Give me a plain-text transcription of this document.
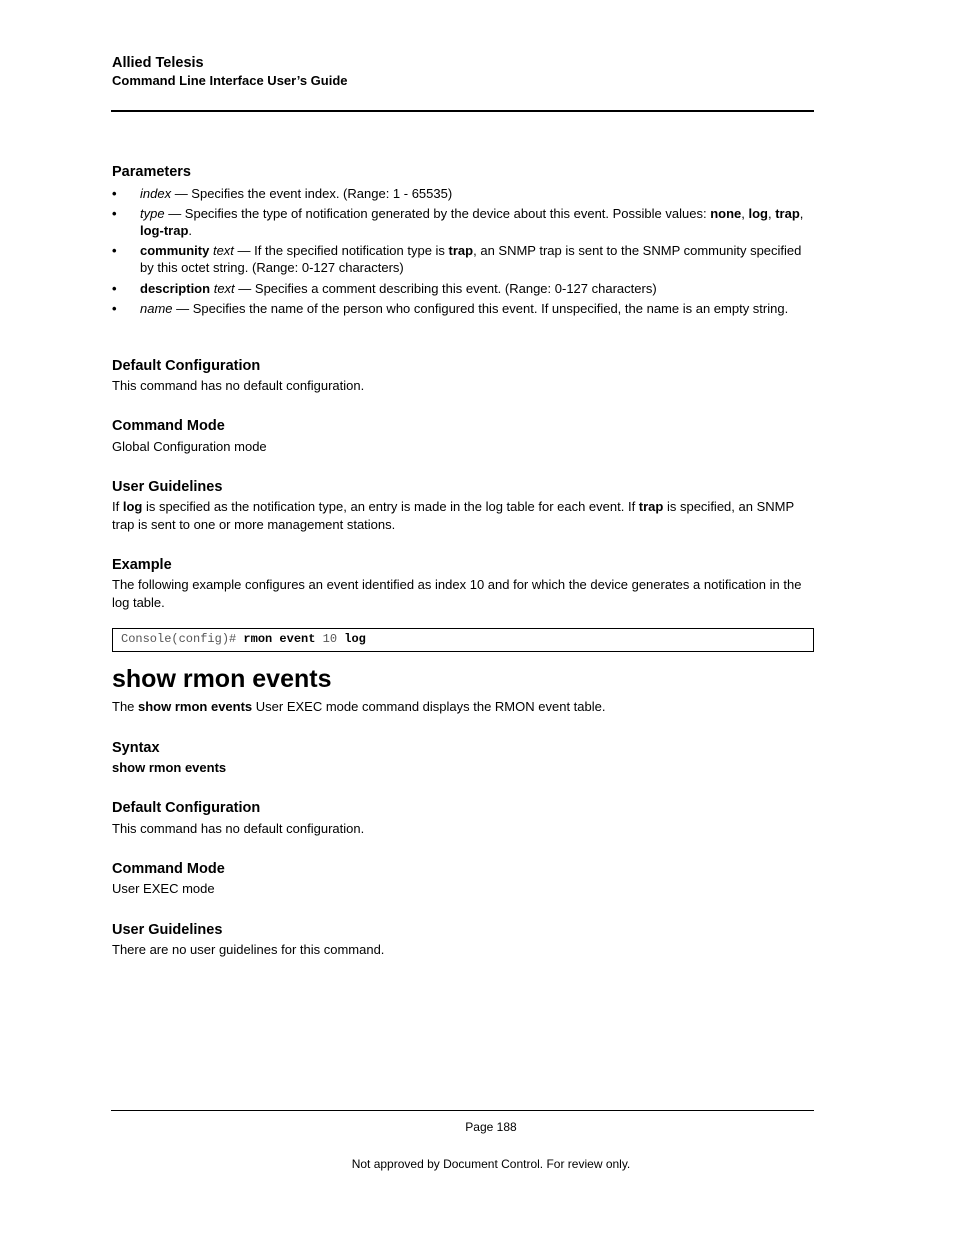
Allied Telesis
Command Line Interface User’s Guide
Parameters
• index — Specifies the event index. (Range: 1 - 65535)
• type — Specifies the type of notification generated by the device about this event. Possible values: none, log, trap, log-trap.
• community text — If the specified notification type is trap, an SNMP trap is sent to the SNMP community specified by this octet string. (Range: 0-127 characters)
• description text — Specifies a comment describing this event. (Range: 0-127 characters)
• name — Specifies the name of the person who configured this event. If unspecified, the name is an empty string.
Default Configuration
This command has no default configuration.
Command Mode
Global Configuration mode
User Guidelines
If log is specified as the notification type, an entry is made in the log table for each event. If trap is specified, an SNMP trap is sent to one or more management stations.
Example
The following example configures an event identified as index 10 and for which the device generates a notification in the log table.
Console(config)# rmon event 10 log
show rmon events
The show rmon events User EXEC mode command displays the RMON event table.
Syntax
show rmon events
Default Configuration
This command has no default configuration.
Command Mode
User EXEC mode
User Guidelines
There are no user guidelines for this command.
Page 188
Not approved by Document Control. For review only.
